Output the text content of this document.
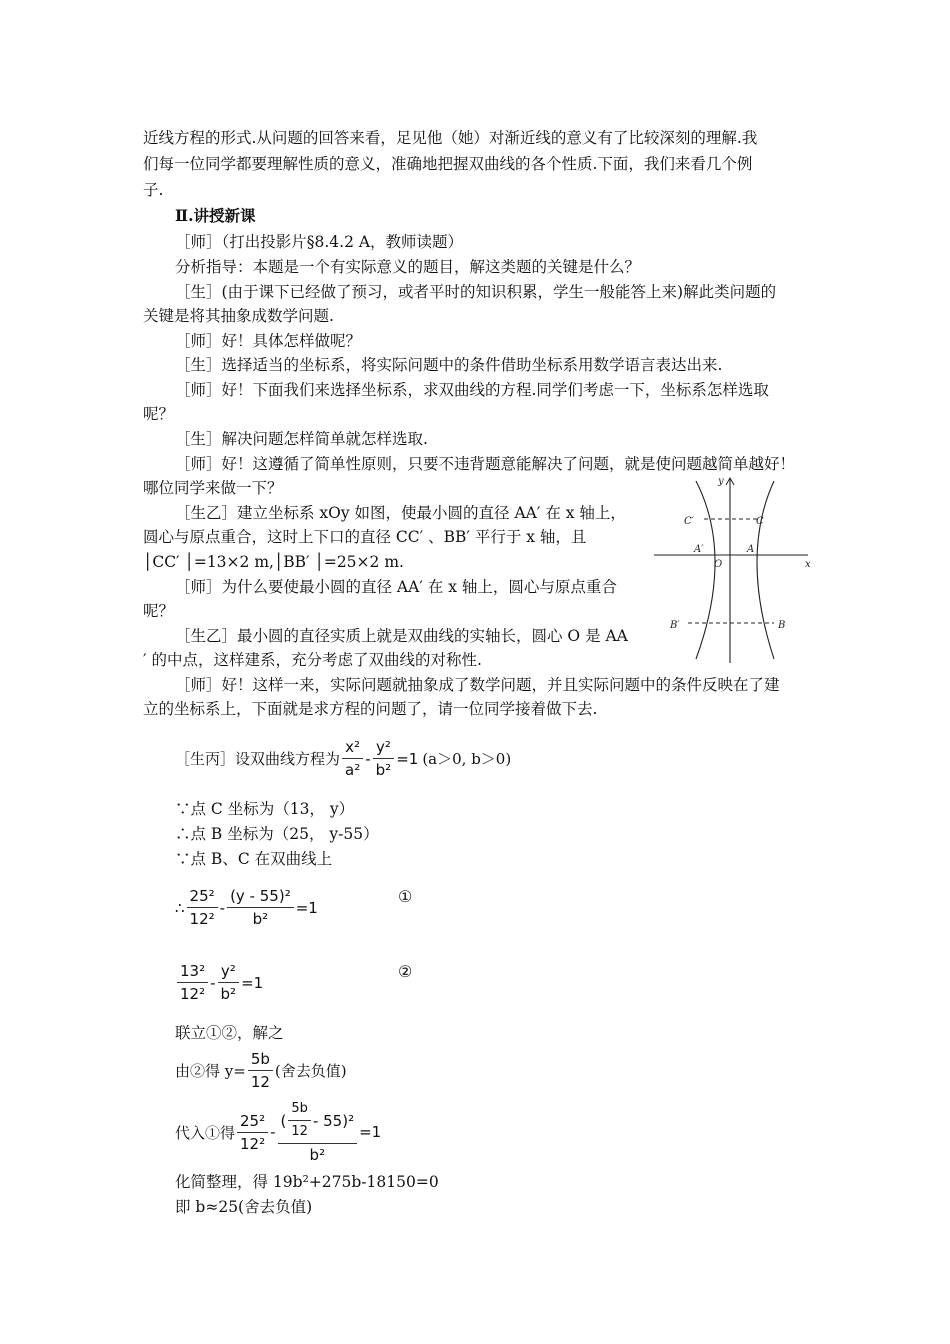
近线方程的形式.从问题的回答来看，足见他（她）对渐近线的意义有了比较深刻的理解.我
们每一位同学都要理解性质的意义，准确地把握双曲线的各个性质.下面，我们来看几个例
子.
Ⅱ.讲授新课
［师］（打出投影片§8.4.2 A，教师读题）
分析指导：本题是一个有实际意义的题目，解这类题的关键是什么？
［生］(由于课下已经做了预习，或者平时的知识积累，学生一般能答上来)解此类问题的
关键是将其抽象成数学问题.
［师］好！具体怎样做呢？
［生］选择适当的坐标系，将实际问题中的条件借助坐标系用数学语言表达出来.
［师］好！下面我们来选择坐标系，求双曲线的方程.同学们考虑一下，坐标系怎样选取
呢？
［生］解决问题怎样简单就怎样选取.
［师］好！这遵循了简单性原则，只要不违背题意能解决了问题，就是使问题越简单越好！
哪位同学来做一下？
［生乙］建立坐标系 xOy 如图，使最小圆的直径 AA′ 在 x 轴上，
圆心与原点重合，这时上下口的直径 CC′ 、BB′ 平行于 x 轴，且
│CC′ │=13×2 m,│BB′ │=25×2 m.
［师］为什么要使最小圆的直径 AA′ 在 x 轴上，圆心与原点重合
呢？
［生乙］最小圆的直径实质上就是双曲线的实轴长，圆心 O 是 AA
′ 的中点，这样建系，充分考虑了双曲线的对称性.
［师］好！这样一来，实际问题就抽象成了数学问题，并且实际问题中的条件反映在了建
立的坐标系上，下面就是求方程的问题了，请一位同学接着做下去.
y
x
O
A
A′
C
C′
B
B′
［生丙］设双曲线方程为 $\frac{\text{x²}}{\text{a²}} - \frac{\text{y²}}{\text{b²}} =1$ (a＞0, b＞0)
∵点 C 坐标为（13， y）
∴点 B 坐标为（25， y-55）
∵点 B、C 在双曲线上
∴ $\frac{\text{25²}}{\text{12²}} - \frac{\text{(y - 55)²}}{\text{b²}} =1$
①
$\frac{\text{13²}}{\text{12²}} - \frac{\text{y²}}{\text{b²}} =1$
②
联立①②，解之
由②得 $y= \frac{5b}{12}$ (舍去负值)
代入①得 $\frac{\text{25²}}{\text{12²}} - \frac{( \frac{5b}{12} - 55)^2}{\text{b²}} =1$
化简整理，得 19b²+275b-18150=0
即 b≈25(舍去负值)
